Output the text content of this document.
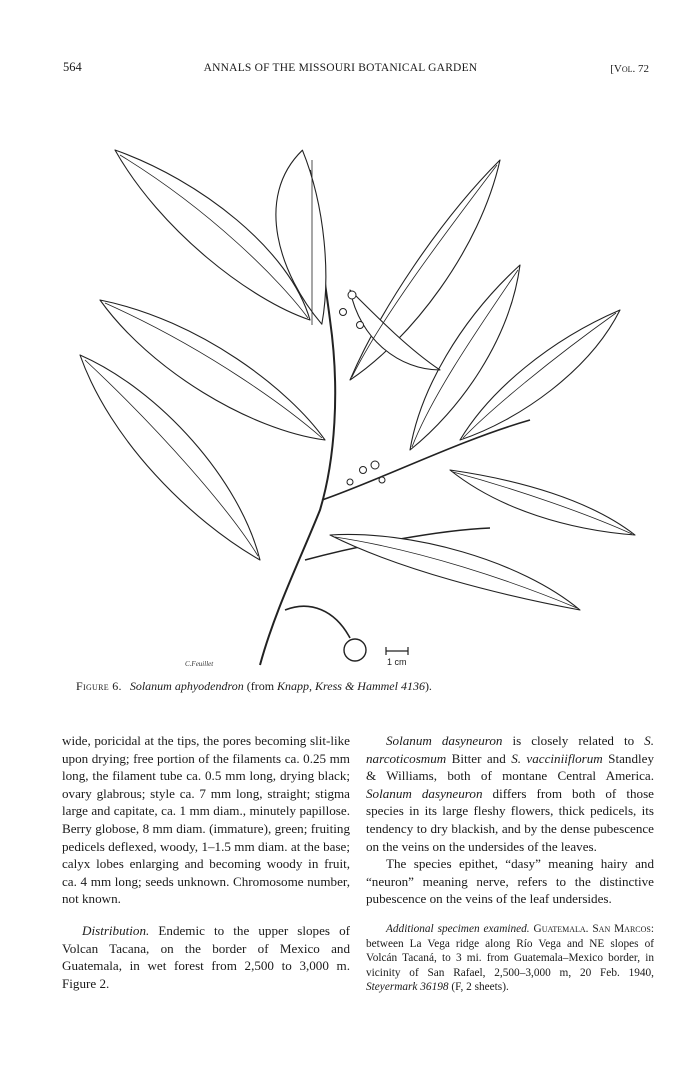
564	ANNALS OF THE MISSOURI BOTANICAL GARDEN	[Vol. 72
C.Feuillet	1 cm
Figure 6. Solanum aphyodendron (from Knapp, Kress & Hammel 4136).

wide, poricidal at the tips, the pores becoming slit-like upon drying; free portion of the filaments ca. 0.25 mm long, the filament tube ca. 0.5 mm long, drying black; ovary glabrous; style ca. 7 mm long, straight; stigma large and capitate, ca. 1 mm diam., minutely papillose. Berry globose, 8 mm diam. (immature), green; fruiting pedicels deflexed, woody, 1–1.5 mm diam. at the base; calyx lobes enlarging and becoming woody in fruit, ca. 4 mm long; seeds unknown. Chromosome number, not known.

Distribution. Endemic to the upper slopes of Volcan Tacana, on the border of Mexico and Guatemala, in wet forest from 2,500 to 3,000 m. Figure 2.

Solanum dasyneuron is closely related to S. narcoticosmum Bitter and S. vacciniiflorum Standley & Williams, both of montane Central America. Solanum dasyneuron differs from both of those species in its large fleshy flowers, thick pedicels, its tendency to dry blackish, and by the dense pubescence on the veins on the undersides of the leaves.

The species epithet, “dasy” meaning hairy and “neuron” meaning nerve, refers to the distinctive pubescence on the veins of the leaf undersides.

Additional specimen examined. Guatemala. San Marcos: between La Vega ridge along Río Vega and NE slopes of Volcán Tacaná, to 3 mi. from Guatemala–Mexico border, in vicinity of San Rafael, 2,500–3,000 m, 20 Feb. 1940, Steyermark 36198 (F, 2 sheets).
